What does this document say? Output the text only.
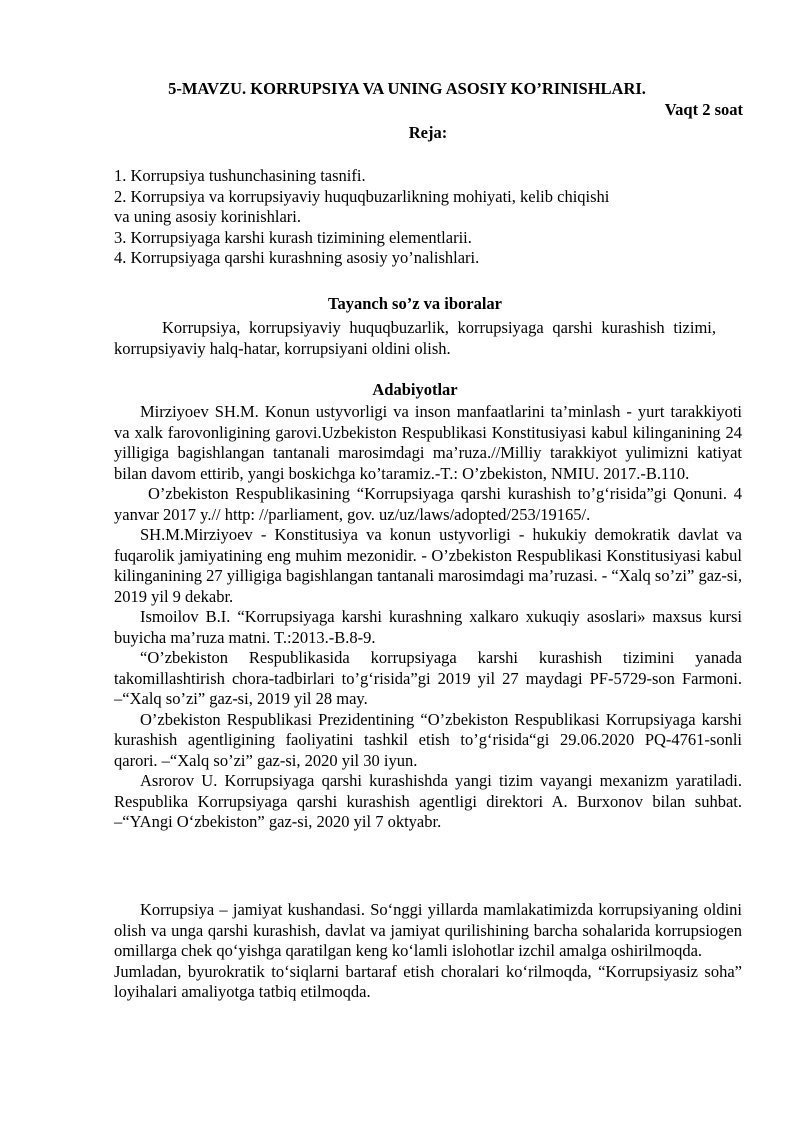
5-MAVZU. KORRUPSIYA VA UNING ASOSIY KO’RINISHLARI.
Vaqt 2 soat
Reja:
1. Korrupsiya tushunchasining tasnifi.
2. Korrupsiya va korrupsiyaviy huquqbuzarlikning mohiyati, kelib chiqishi
va uning asosiy korinishlari.
3. Korrupsiyaga karshi kurash tizimining elementlarii.
4. Korrupsiyaga qarshi kurashning asosiy yo’nalishlari.
Tayanch so’z va iboralar
Korrupsiya, korrupsiyaviy huquqbuzarlik, korrupsiyaga qarshi kurashish tizimi, korrupsiyaviy halq-hatar, korrupsiyani oldini olish.
Adabiyotlar

Mirziyoev SH.M. Konun ustyvorligi va inson manfaatlarini ta’minlash - yurt tarakkiyoti va xalk farovonligining garovi.Uzbekiston Respublikasi Konstitusiyasi kabul kilinganining 24 yilligiga bagishlangan tantanali marosimdagi ma’ruza.//Milliy tarakkiyot yulimizni katiyat bilan davom ettirib, yangi boskichga ko’taramiz.-T.: O’zbekiston, NMIU. 2017.-B.110.

O’zbekiston Respublikasining “Korrupsiyaga qarshi kurashish to’g‘risida”gi Qonuni. 4 yanvar 2017 y.// http: //parliament, gov. uz/uz/laws/adopted/253/19165/.

SH.M.Mirziyoev - Konstitusiya va konun ustyvorligi - hukukiy demokratik davlat va fuqarolik jamiyatining eng muhim mezonidir. - O’zbekiston Respublikasi Konstitusiyasi kabul kilinganining 27 yilligiga bagishlangan tantanali marosimdagi ma’ruzasi. - “Xalq so’zi” gaz-si, 2019 yil 9 dekabr.

Ismoilov B.I. “Korrupsiyaga karshi kurashning xalkaro xukuqiy asoslari» maxsus kursi buyicha ma’ruza matni. T.:2013.-B.8-9.

“O’zbekiston Respublikasida korrupsiyaga karshi kurashish tizimini yanada takomillashtirish chora-tadbirlari to’g‘risida”gi 2019 yil 27 maydagi PF-5729-son Farmoni. –“Xalq so’zi” gaz-si, 2019 yil 28 may.

O’zbekiston Respublikasi Prezidentining “O’zbekiston Respublikasi Korrupsiyaga karshi kurashish agentligining faoliyatini tashkil etish to’g‘risida“gi 29.06.2020 PQ-4761-sonli qarori. –“Xalq so’zi” gaz-si, 2020 yil 30 iyun.

Asrorov U. Korrupsiyaga qarshi kurashishda yangi tizim vayangi mexanizm yaratiladi. Respublika Korrupsiyaga qarshi kurashish agentligi direktori A. Burxonov bilan suhbat. –“YAngi O‘zbekiston” gaz-si, 2020 yil 7 oktyabr.

Korrupsiya – jamiyat kushandasi. So‘nggi yillarda mamlakatimizda korrupsiyaning oldini olish va unga qarshi kurashish, davlat va jamiyat qurilishining barcha sohalarida korrupsiogen omillarga chek qo‘yishga qaratilgan keng ko‘lamli islohotlar izchil amalga oshirilmoqda.

Jumladan, byurokratik to‘siqlarni bartaraf etish choralari ko‘rilmoqda, “Korrupsiyasiz soha” loyihalari amaliyotga tatbiq etilmoqda.
